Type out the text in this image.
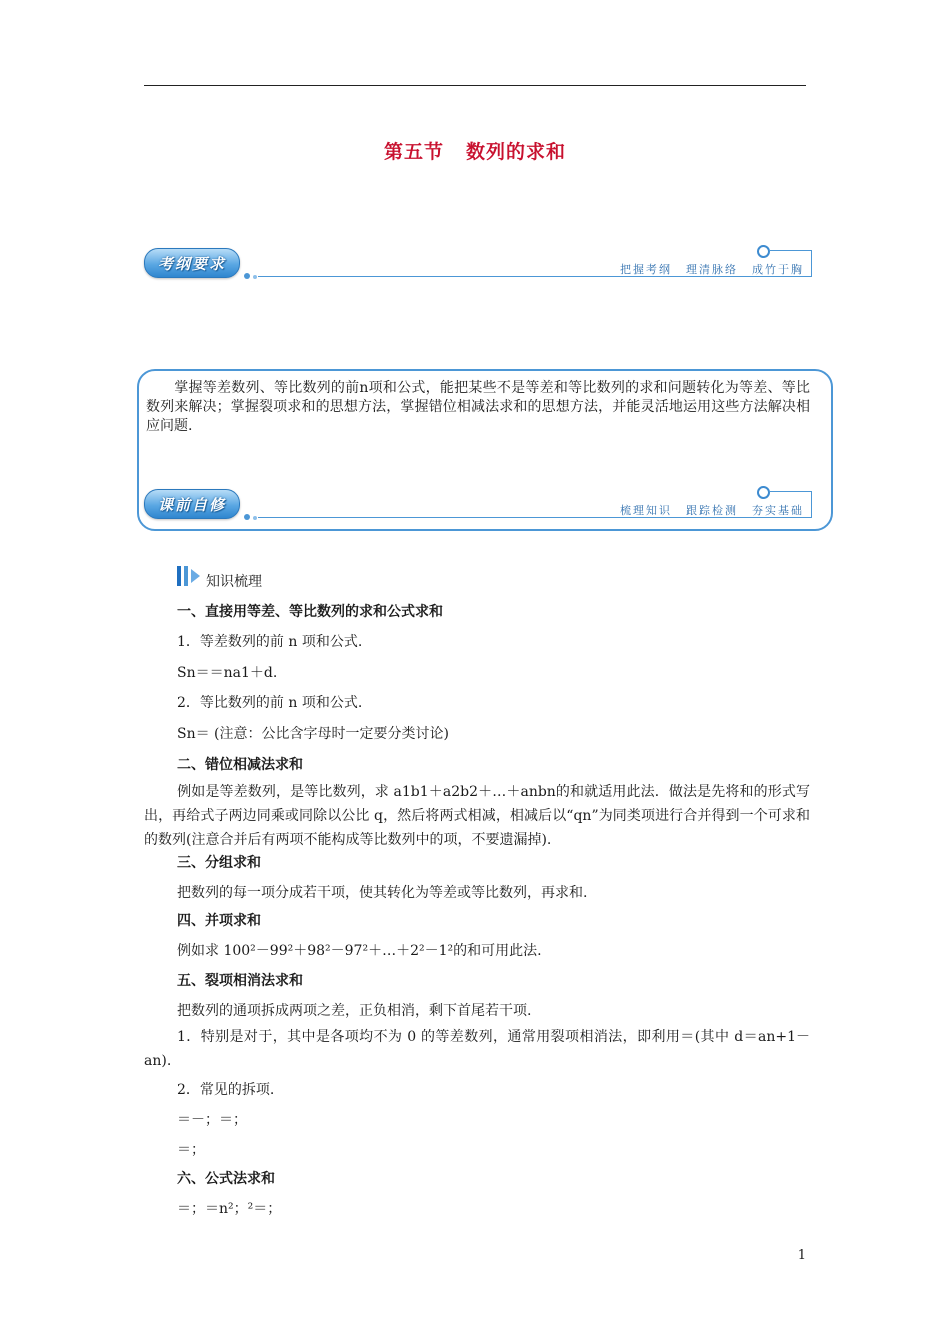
第五节 数列的求和
考纲要求	把握考纲 理清脉络 成竹于胸
掌握等差数列、等比数列的前n项和公式，能把某些不是等差和等比数列的求和问题转化为等差、等比数列来解决；掌握裂项求和的思想方法，掌握错位相减法求和的思想方法，并能灵活地运用这些方法解决相应问题.
课前自修	梳理知识 跟踪检测 夯实基础
知识梳理
一、直接用等差、等比数列的求和公式求和
1．等差数列的前 n 项和公式.
Sn＝＝na1＋d.
2．等比数列的前 n 项和公式.
Sn＝ (注意：公比含字母时一定要分类讨论)
二、错位相减法求和
例如是等差数列，是等比数列，求 a1b1＋a2b2＋…＋anbn的和就适用此法．做法是先将和的形式写出，再给式子两边同乘或同除以公比 q，然后将两式相减，相减后以“qn”为同类项进行合并得到一个可求和的数列(注意合并后有两项不能构成等比数列中的项，不要遗漏掉).
三、分组求和
把数列的每一项分成若干项，使其转化为等差或等比数列，再求和.
四、并项求和
例如求 100²－99²＋98²－97²＋…＋2²－1²的和可用此法.
五、裂项相消法求和
把数列的通项拆成两项之差，正负相消，剩下首尾若干项.
1．特别是对于，其中是各项均不为 0 的等差数列，通常用裂项相消法，即利用＝(其中 d＝an+1－an).
2．常见的拆项.
＝－；＝；
＝；
六、公式法求和
＝；＝n²；²＝；
1
